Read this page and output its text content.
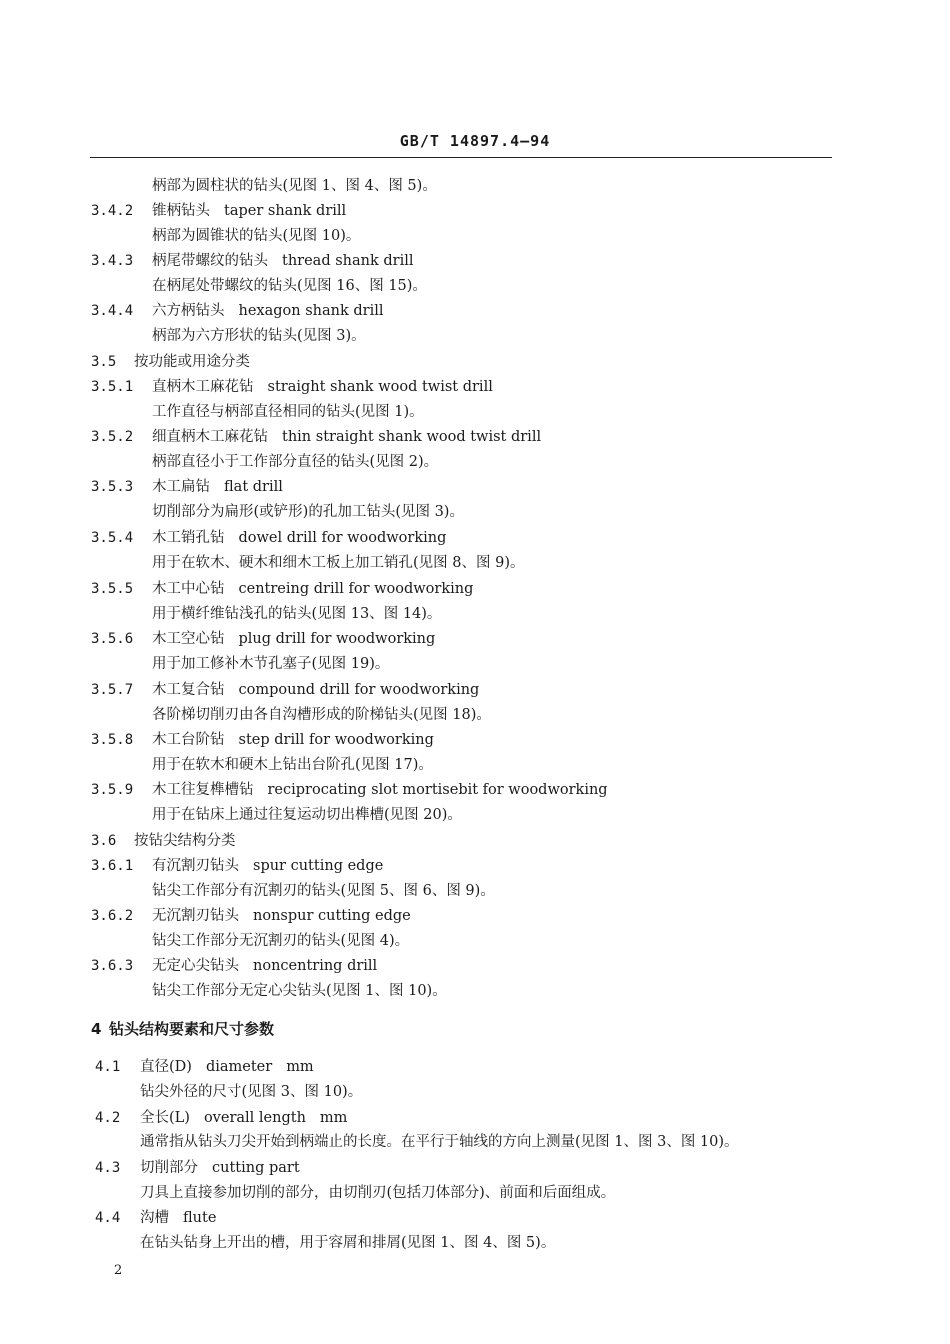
GB/T 14897.4—94
柄部为圆柱状的钻头(见图 1、图 4、图 5)。
3.4.2 锥柄钻头 taper shank drill
柄部为圆锥状的钻头(见图 10)。
3.4.3 柄尾带螺纹的钻头 thread shank drill
在柄尾处带螺纹的钻头(见图 16、图 15)。
3.4.4 六方柄钻头 hexagon shank drill
柄部为六方形状的钻头(见图 3)。
3.5 按功能或用途分类
3.5.1 直柄木工麻花钻 straight shank wood twist drill
工作直径与柄部直径相同的钻头(见图 1)。
3.5.2 细直柄木工麻花钻 thin straight shank wood twist drill
柄部直径小于工作部分直径的钻头(见图 2)。
3.5.3 木工扁钻 flat drill
切削部分为扁形(或铲形)的孔加工钻头(见图 3)。
3.5.4 木工销孔钻 dowel drill for woodworking
用于在软木、硬木和细木工板上加工销孔(见图 8、图 9)。
3.5.5 木工中心钻 centreing drill for woodworking
用于横纤维钻浅孔的钻头(见图 13、图 14)。
3.5.6 木工空心钻 plug drill for woodworking
用于加工修补木节孔塞子(见图 19)。
3.5.7 木工复合钻 compound drill for woodworking
各阶梯切削刃由各自沟槽形成的阶梯钻头(见图 18)。
3.5.8 木工台阶钻 step drill for woodworking
用于在软木和硬木上钻出台阶孔(见图 17)。
3.5.9 木工往复榫槽钻 reciprocating slot mortisebit for woodworking
用于在钻床上通过往复运动切出榫槽(见图 20)。
3.6 按钻尖结构分类
3.6.1 有沉割刃钻头 spur cutting edge
钻尖工作部分有沉割刃的钻头(见图 5、图 6、图 9)。
3.6.2 无沉割刃钻头 nonspur cutting edge
钻尖工作部分无沉割刃的钻头(见图 4)。
3.6.3 无定心尖钻头 noncentring drill
钻尖工作部分无定心尖钻头(见图 1、图 10)。
4 钻头结构要素和尺寸参数
4.1 直径(D) diameter mm
钻尖外径的尺寸(见图 3、图 10)。
4.2 全长(L) overall length mm
通常指从钻头刀尖开始到柄端止的长度。在平行于轴线的方向上测量(见图 1、图 3、图 10)。
4.3 切削部分 cutting part
刀具上直接参加切削的部分，由切削刃(包括刀体部分)、前面和后面组成。
4.4 沟槽 flute
在钻头钻身上开出的槽，用于容屑和排屑(见图 1、图 4、图 5)。
2
